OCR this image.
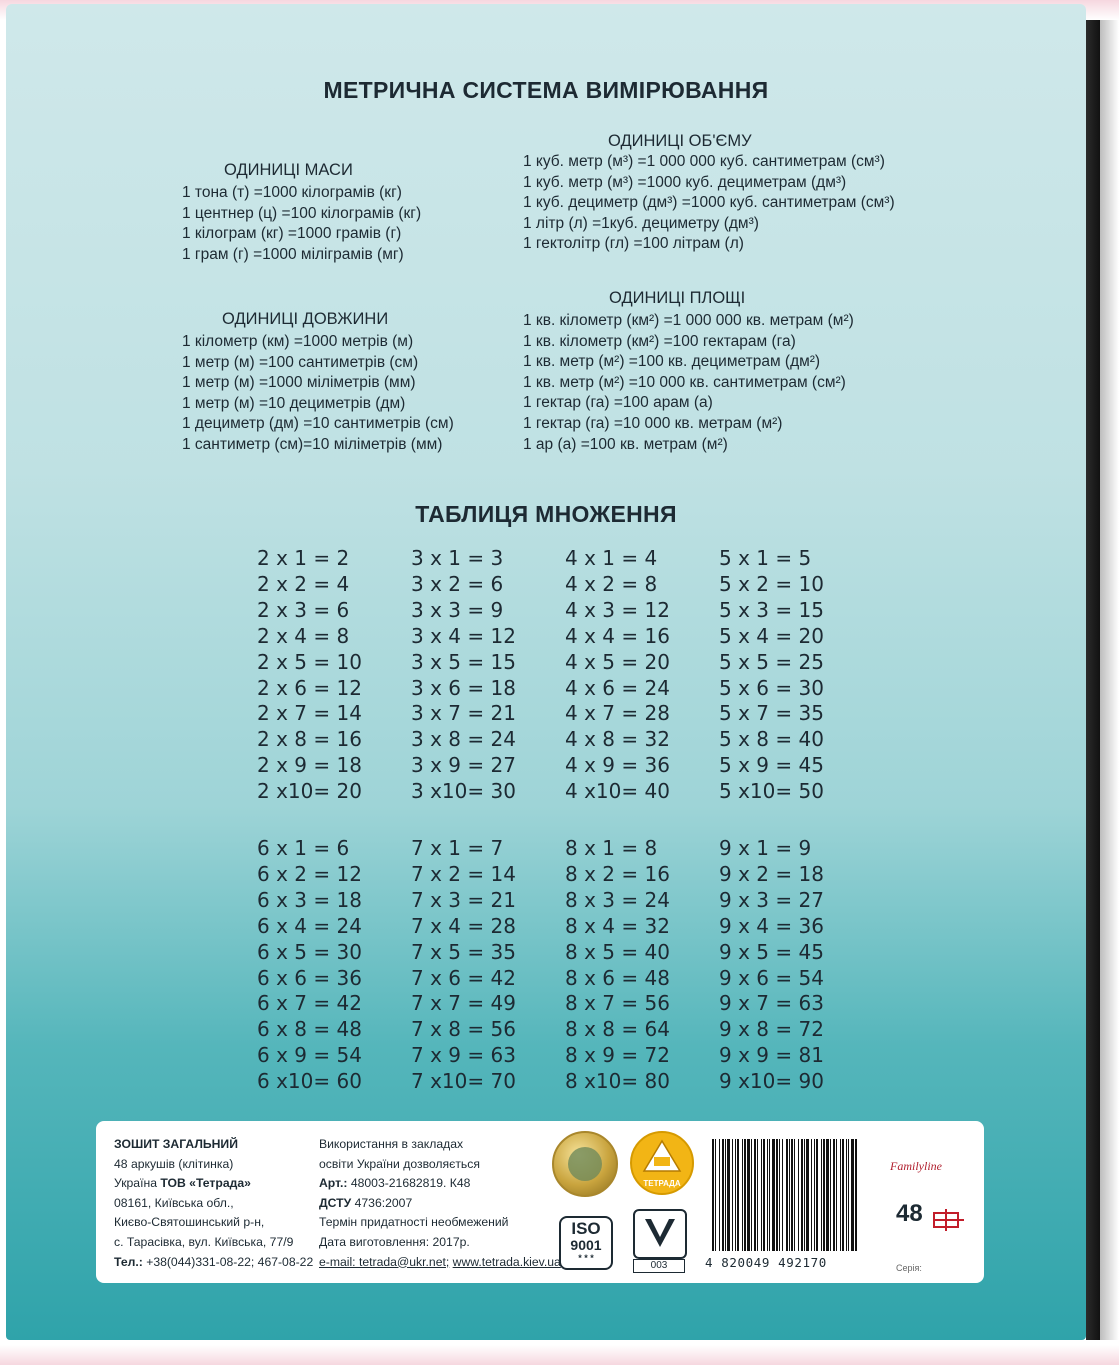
МЕТРИЧНА СИСТЕМА ВИМІРЮВАННЯ
ОДИНИЦІ МАСИ
1 тона (т) =1000 кілограмів (кг)
1 центнер (ц) =100 кілограмів (кг)
1 кілограм (кг) =1000 грамів (г)
1 грам (г) =1000 міліграмів (мг)
ОДИНИЦІ ОБ'ЄМУ
1 куб. метр (м³) =1 000 000 куб. сантиметрам (см³)
1 куб. метр (м³) =1000 куб. дециметрам (дм³)
1 куб. дециметр (дм³) =1000 куб. сантиметрам (см³)
1 літр (л) =1куб. дециметру (дм³)
1 гектолітр (гл) =100 літрам (л)
ОДИНИЦІ ДОВЖИНИ
1 кілометр (км) =1000 метрів (м)
1 метр (м) =100 сантиметрів (см)
1 метр (м) =1000 міліметрів (мм)
1 метр (м) =10 дециметрів (дм)
1 дециметр (дм) =10 сантиметрів (см)
1 сантиметр (см)=10 міліметрів (мм)
ОДИНИЦІ ПЛОЩІ
1 кв. кілометр (км²) =1 000 000 кв. метрам (м²)
1 кв. кілометр (км²) =100 гектарам (га)
1 кв. метр (м²) =100 кв. дециметрам (дм²)
1 кв. метр (м²) =10 000 кв. сантиметрам (см²)
1 гектар (га) =100 арам (а)
1 гектар (га) =10 000 кв. метрам (м²)
1 ар (а) =100 кв. метрам (м²)
ТАБЛИЦЯ МНОЖЕННЯ
2 x 1 = 2
2 x 2 = 4
2 x 3 = 6
2 x 4 = 8
2 x 5 = 10
2 x 6 = 12
2 x 7 = 14
2 x 8 = 16
2 x 9 = 18
2 x10= 20
3 x 1 = 3
3 x 2 = 6
3 x 3 = 9
3 x 4 = 12
3 x 5 = 15
3 x 6 = 18
3 x 7 = 21
3 x 8 = 24
3 x 9 = 27
3 x10= 30
4 x 1 = 4
4 x 2 = 8
4 x 3 = 12
4 x 4 = 16
4 x 5 = 20
4 x 6 = 24
4 x 7 = 28
4 x 8 = 32
4 x 9 = 36
4 x10= 40
5 x 1 = 5
5 x 2 = 10
5 x 3 = 15
5 x 4 = 20
5 x 5 = 25
5 x 6 = 30
5 x 7 = 35
5 x 8 = 40
5 x 9 = 45
5 x10= 50
6 x 1 = 6
6 x 2 = 12
6 x 3 = 18
6 x 4 = 24
6 x 5 = 30
6 x 6 = 36
6 x 7 = 42
6 x 8 = 48
6 x 9 = 54
6 x10= 60
7 x 1 = 7
7 x 2 = 14
7 x 3 = 21
7 x 4 = 28
7 x 5 = 35
7 x 6 = 42
7 x 7 = 49
7 x 8 = 56
7 x 9 = 63
7 x10= 70
8 x 1 = 8
8 x 2 = 16
8 x 3 = 24
8 x 4 = 32
8 x 5 = 40
8 x 6 = 48
8 x 7 = 56
8 x 8 = 64
8 x 9 = 72
8 x10= 80
9 x 1 = 9
9 x 2 = 18
9 x 3 = 27
9 x 4 = 36
9 x 5 = 45
9 x 6 = 54
9 x 7 = 63
9 x 8 = 72
9 x 9 = 81
9 x10= 90
ЗОШИТ ЗАГАЛЬНИЙ
48 аркушів (клітинка)
Україна ТОВ «Тетрада»
08161, Київська обл.,
Києво-Святошинський р-н,
с. Тарасівка, вул. Київська, 77/9
Тел.: +38(044)331-08-22; 467-08-22
Використання в закладах
освіти України дозволяється
Арт.: 48003-21682819. К48
ДСТУ 4736:2007
Термін придатності необмежений
Дата виготовлення: 2017р.
e-mail: tetrada@ukr.net; www.tetrada.kiev.ua
ТЕТРАДА
ISO
9001
* * *
003	4 820049 492170
Familyline
48
Серія:
